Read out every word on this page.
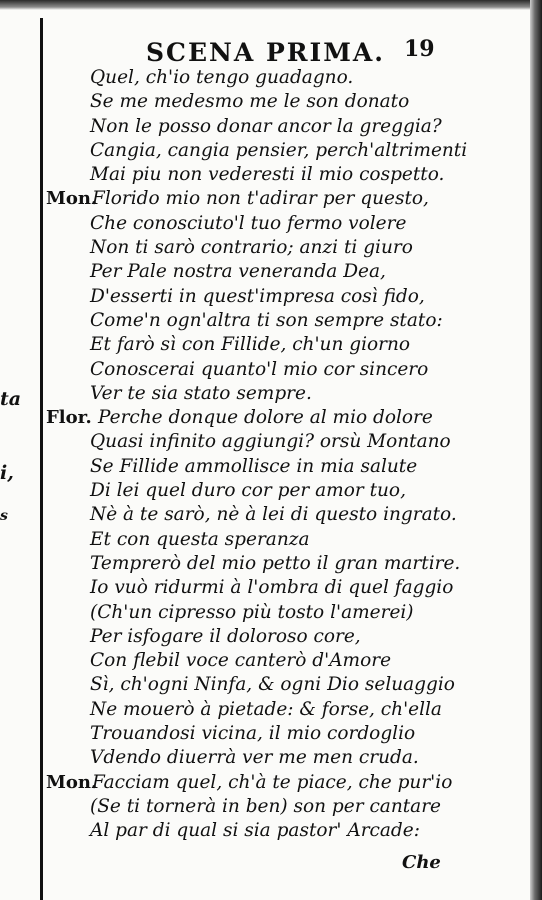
ta
i,
s
SCENA PRIMA. 19
Quel, ch'io tengo guadagno.
Se me medesmo me le son donato
Non le posso donar ancor la greggia?
Cangia, cangia pensier, perch'altrimenti
Mai piu non vederesti il mio cospetto.
Mon.
Florido mio non t'adirar per questo,
Che conosciuto'l tuo fermo volere
Non ti sarò contrario; anzi ti giuro
Per Pale nostra veneranda Dea,
D'esserti in quest'impresa così fido,
Come'n ogn'altra ti son sempre stato:
Et farò sì con Fillide, ch'un giorno
Conoscerai quanto'l mio cor sincero
Ver te sia stato sempre.
Flor. Perche donque dolore al mio dolore
Quasi infinito aggiungi? orsù Montano
Se Fillide ammollisce in mia salute
Di lei quel duro cor per amor tuo,
Nè à te sarò, nè à lei di questo ingrato.
Et con questa speranza
Temprerò del mio petto il gran martire.
Io vuò ridurmi à l'ombra di quel faggio
(Ch'un cipresso più tosto l'amerei)
Per isfogare il doloroso core,
Con flebil voce canterò d'Amore
Sì, ch'ogni Ninfa, & ogni Dio seluaggio
Ne mouerò à pietade: & forse, ch'ella
Trouandosi vicina, il mio cordoglio
Vdendo diuerrà ver me men cruda.
Mon.
Facciam quel, ch'à te piace, che pur'io
(Se ti tornerà in ben) son per cantare
Al par di qual si sia pastor' Arcade:
Che
